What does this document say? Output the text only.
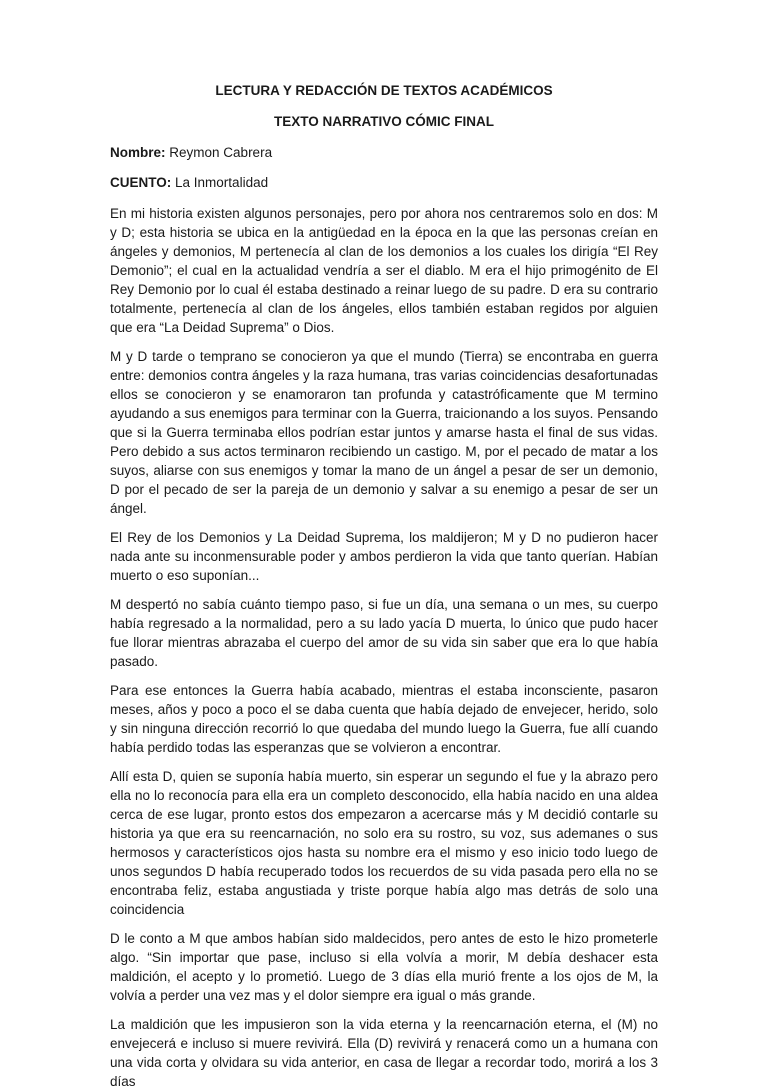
LECTURA Y REDACCIÓN DE TEXTOS ACADÉMICOS
TEXTO NARRATIVO CÓMIC FINAL
Nombre: Reymon Cabrera
CUENTO: La Inmortalidad

En mi historia existen algunos personajes, pero por ahora nos centraremos solo en dos: M y D; esta historia se ubica en la antigüedad en la época en la que las personas creían en ángeles y demonios, M pertenecía al clan de los demonios a los cuales los dirigía “El Rey Demonio”; el cual en la actualidad vendría a ser el diablo. M era el hijo primogénito de El Rey Demonio por lo cual él estaba destinado a reinar luego de su padre. D era su contrario totalmente, pertenecía al clan de los ángeles, ellos también estaban regidos por alguien que era “La Deidad Suprema” o Dios.

M y D tarde o temprano se conocieron ya que el mundo (Tierra) se encontraba en guerra entre: demonios contra ángeles y la raza humana, tras varias coincidencias desafortunadas ellos se conocieron y se enamoraron tan profunda y catastróficamente que M termino ayudando a sus enemigos para terminar con la Guerra, traicionando a los suyos. Pensando que si la Guerra terminaba ellos podrían estar juntos y amarse hasta el final de sus vidas. Pero debido a sus actos terminaron recibiendo un castigo. M, por el pecado de matar a los suyos, aliarse con sus enemigos y tomar la mano de un ángel a pesar de ser un demonio, D por el pecado de ser la pareja de un demonio y salvar a su enemigo a pesar de ser un ángel.

El Rey de los Demonios y La Deidad Suprema, los maldijeron; M y D no pudieron hacer nada ante su inconmensurable poder y ambos perdieron la vida que tanto querían. Habían muerto o eso suponían...

M despertó no sabía cuánto tiempo paso, si fue un día, una semana o un mes, su cuerpo había regresado a la normalidad, pero a su lado yacía D muerta, lo único que pudo hacer fue llorar mientras abrazaba el cuerpo del amor de su vida sin saber que era lo que había pasado.

Para ese entonces la Guerra había acabado, mientras el estaba inconsciente, pasaron meses, años y poco a poco el se daba cuenta que había dejado de envejecer, herido, solo y sin ninguna dirección recorrió lo que quedaba del mundo luego la Guerra, fue allí cuando había perdido todas las esperanzas que se volvieron a encontrar.

Allí esta D, quien se suponía había muerto, sin esperar un segundo el fue y la abrazo pero ella no lo reconocía para ella era un completo desconocido, ella había nacido en una aldea cerca de ese lugar, pronto estos dos empezaron a acercarse más y M decidió contarle su historia ya que era su reencarnación, no solo era su rostro, su voz, sus ademanes o sus hermosos y característicos ojos hasta su nombre era el mismo y eso inicio todo luego de unos segundos D había recuperado todos los recuerdos de su vida pasada pero ella no se encontraba feliz, estaba angustiada y triste porque había algo mas detrás de solo una coincidencia

D le conto a M que ambos habían sido maldecidos, pero antes de esto le hizo prometerle algo. “Sin importar que pase, incluso si ella volvía a morir, M debía deshacer esta maldición, el acepto y lo prometió. Luego de 3 días ella murió frente a los ojos de M, la volvía a perder una vez mas y el dolor siempre era igual o más grande.

La maldición que les impusieron son la vida eterna y la reencarnación eterna, el (M) no envejecerá e incluso si muere revivirá. Ella (D) revivirá y renacerá como un a humana con una vida corta y olvidara su vida anterior, en casa de llegar a recordar todo, morirá a los 3 días
